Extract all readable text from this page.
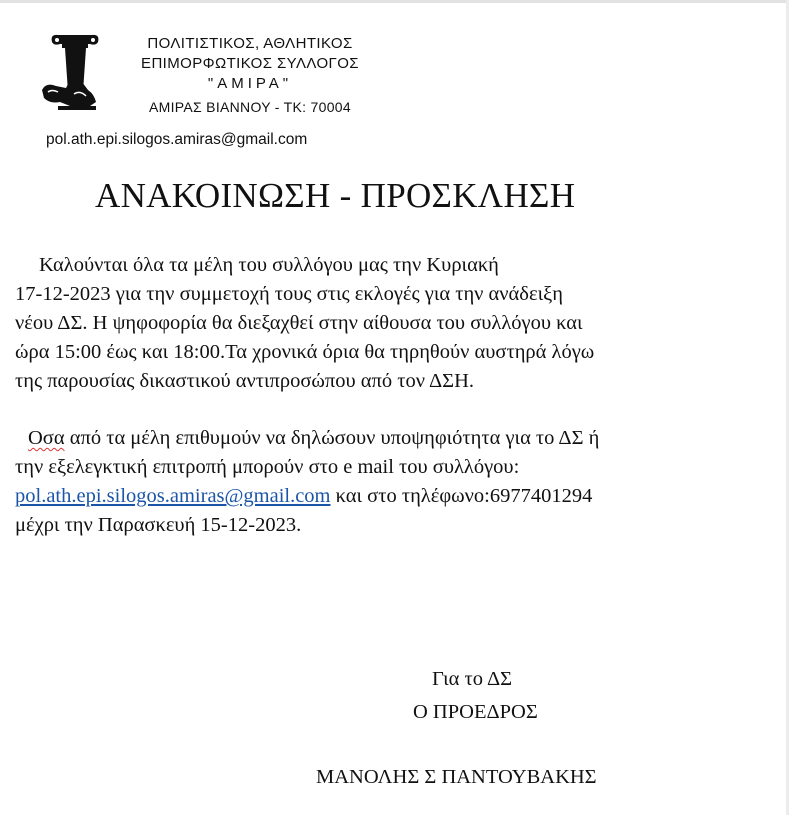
ΠΟΛΙΤΙΣΤΙΚΟΣ, ΑΘΛΗΤΙΚΟΣ
ΕΠΙΜΟΡΦΩΤΙΚΟΣ ΣΥΛΛΟΓΟΣ
"ΑΜΙΡΑ"
ΑΜΙΡΑΣ ΒΙΑΝΝΟΥ - ΤΚ: 70004
pol.ath.epi.silogos.amiras@gmail.com
ΑΝΑΚΟΙΝΩΣΗ - ΠΡΟΣΚΛΗΣΗ
Καλούνται όλα τα μέλη του συλλόγου μας την Κυριακή
17-12-2023 για την συμμετοχή τους στις εκλογές για την ανάδειξη
νέου ΔΣ. Η ψηφοφορία θα διεξαχθεί στην αίθουσα του συλλόγου και
ώρα 15:00 έως και 18:00.Τα χρονικά όρια θα τηρηθούν αυστηρά λόγω
της παρουσίας δικαστικού αντιπροσώπου από τον ΔΣΗ.
Οσα από τα μέλη επιθυμούν να δηλώσουν υποψηφιότητα για το ΔΣ ή
την εξελεγκτική επιτροπή μπορούν στο e mail του συλλόγου:
pol.ath.epi.silogos.amiras@gmail.com και στο τηλέφωνο:6977401294
μέχρι την Παρασκευή 15-12-2023.
Για το ΔΣ
Ο ΠΡΟΕΔΡΟΣ
ΜΑΝΟΛΗΣ Σ ΠΑΝΤΟΥΒΑΚΗΣ
